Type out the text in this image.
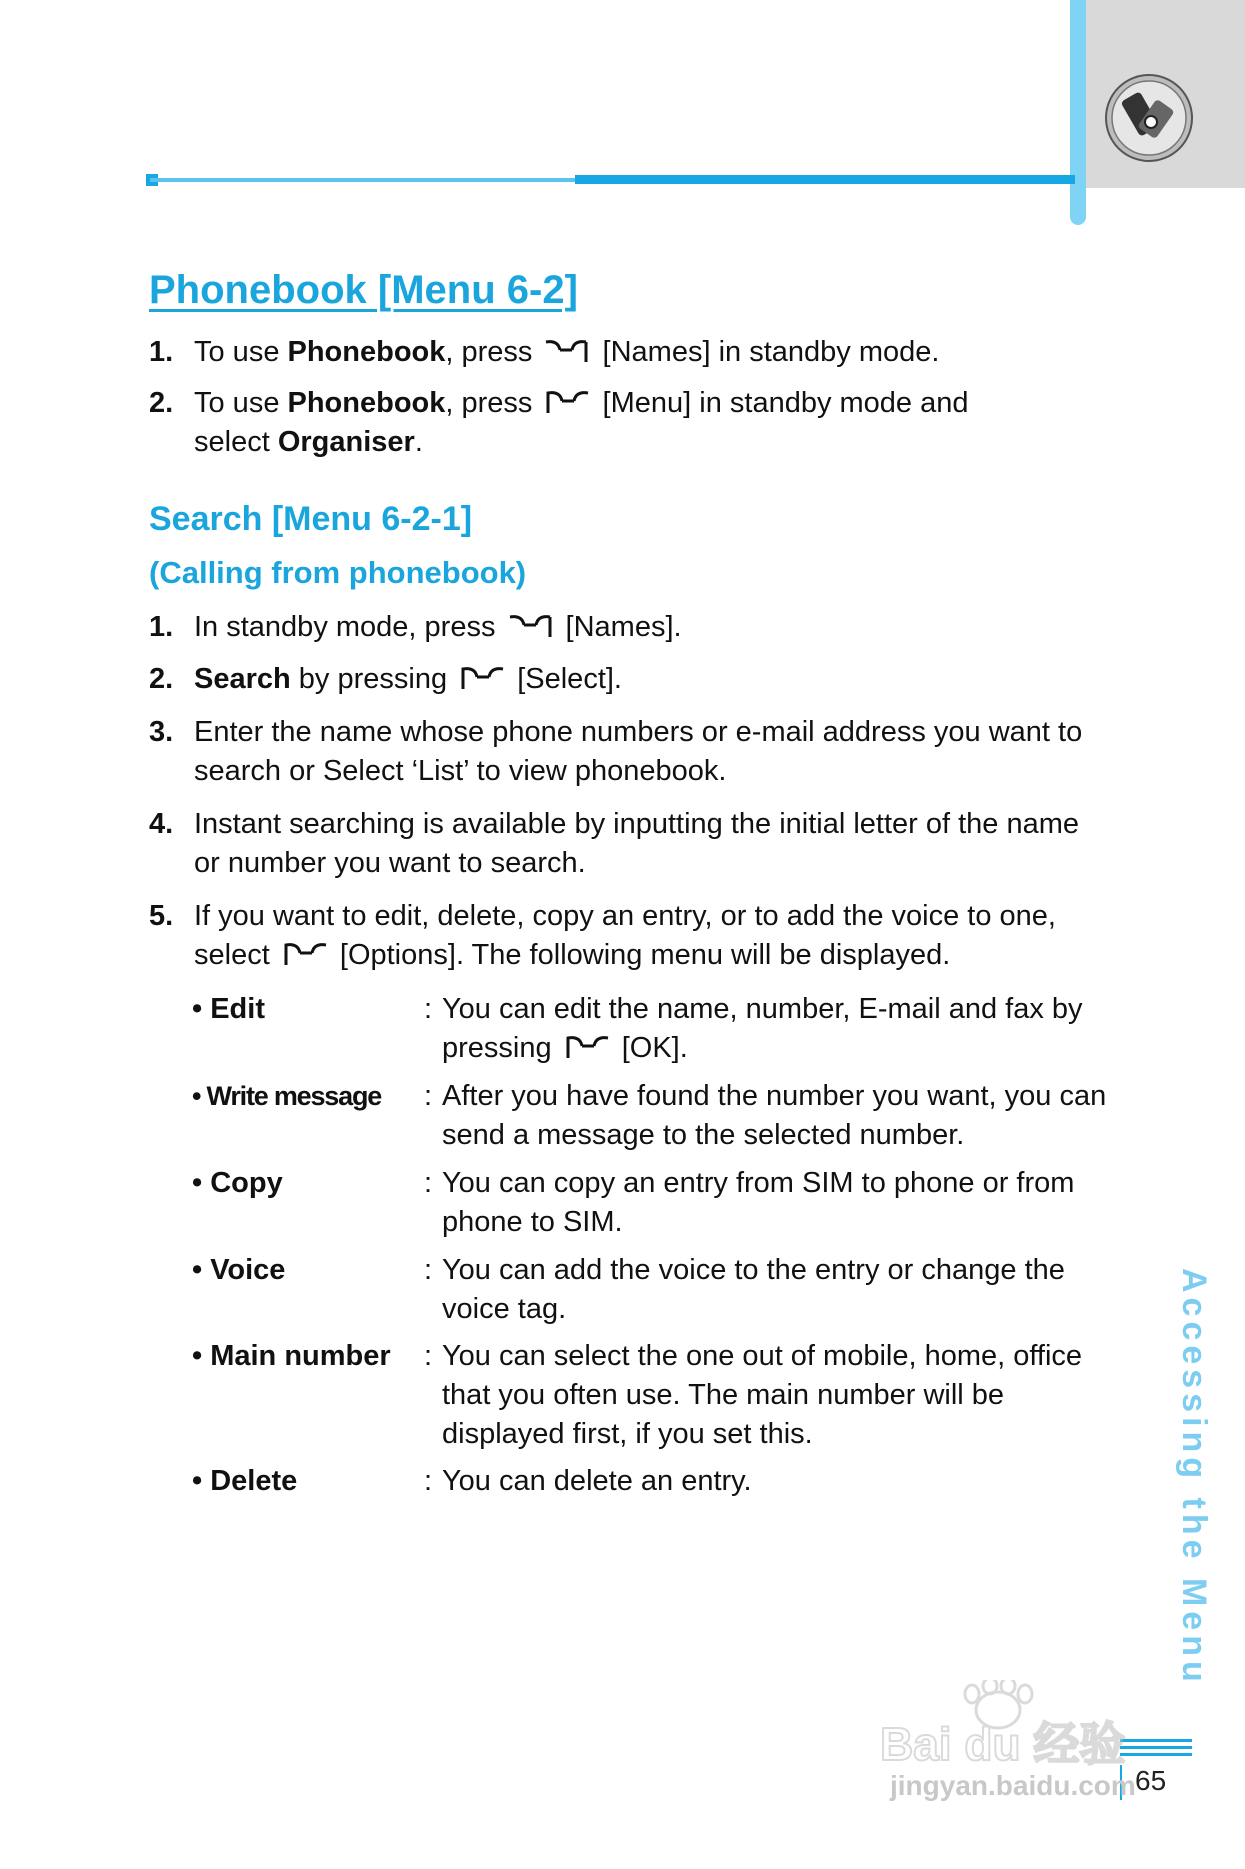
Phonebook [Menu 6-2]
1. To use Phonebook, press
[Names] in standby mode.
2. To use Phonebook, press
[Menu] in standby mode and
select Organiser.
Search [Menu 6-2-1]
(Calling from phonebook)
1. In standby mode, press
[Names].
2. Search by pressing
[Select].
3. Enter the name whose phone numbers or e-mail address you want to search or Select ‘List’ to view phonebook.
4. Instant searching is available by inputting the initial letter of the name or number you want to search.
5. If you want to edit, delete, copy an entry, or to add the voice to one, select
[Options]. The following menu will be displayed.
• Edit	: You can edit the name, number, E-mail and fax by pressing
[OK].
• Write message	: After you have found the number you want, you can send a message to the selected number.
• Copy	: You can copy an entry from SIM to phone or from phone to SIM.
• Voice	: You can add the voice to the entry or change the voice tag.
• Main number	: You can select the one out of mobile, home, office that you often use. The main number will be displayed first, if you set this.
• Delete	: You can delete an entry.	Accessing the Menu
65
Bai du 经验
jingyan.baidu.com
